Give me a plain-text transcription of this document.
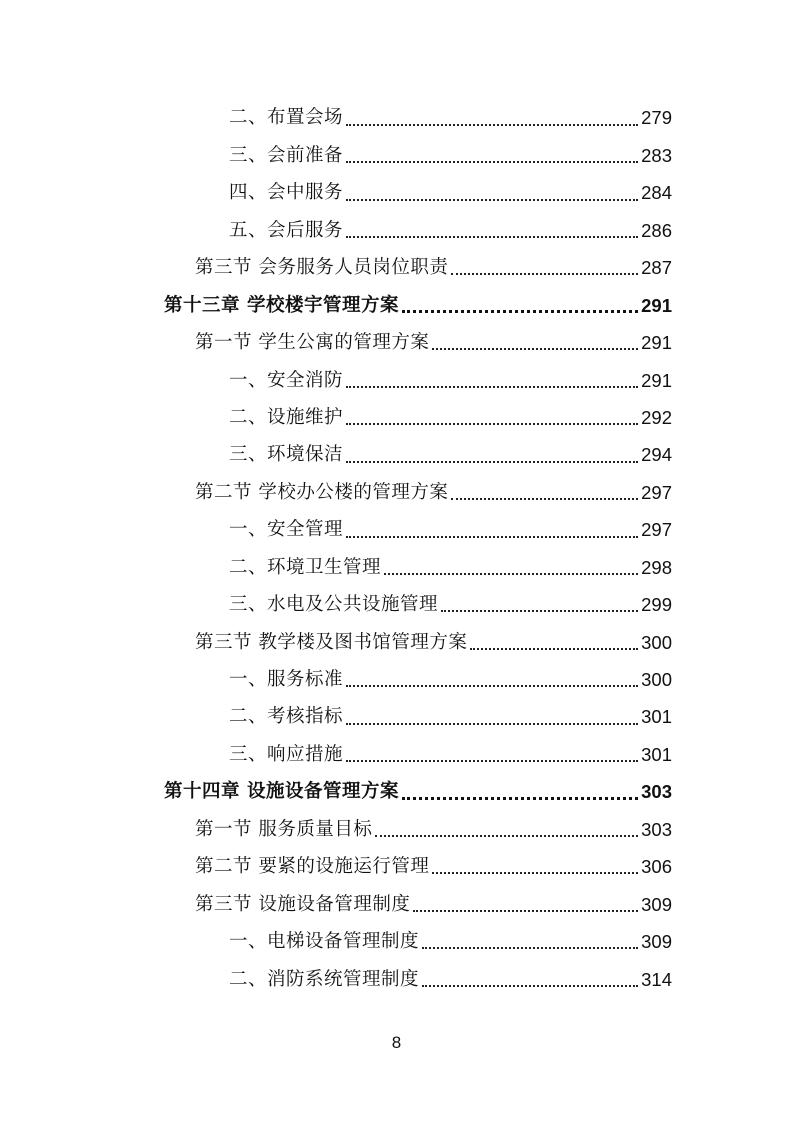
二、布置会场	279
三、会前准备	283
四、会中服务	284
五、会后服务	286
第三节 会务服务人员岗位职责	287
第十三章 学校楼宇管理方案	291
第一节 学生公寓的管理方案	291
一、安全消防	291
二、设施维护	292
三、环境保洁	294
第二节 学校办公楼的管理方案	297
一、安全管理	297
二、环境卫生管理	298
三、水电及公共设施管理	299
第三节 教学楼及图书馆管理方案	300
一、服务标准	300
二、考核指标	301
三、响应措施	301
第十四章 设施设备管理方案	303
第一节 服务质量目标	303
第二节 要紧的设施运行管理	306
第三节 设施设备管理制度	309
一、电梯设备管理制度	309
二、消防系统管理制度	314
8
